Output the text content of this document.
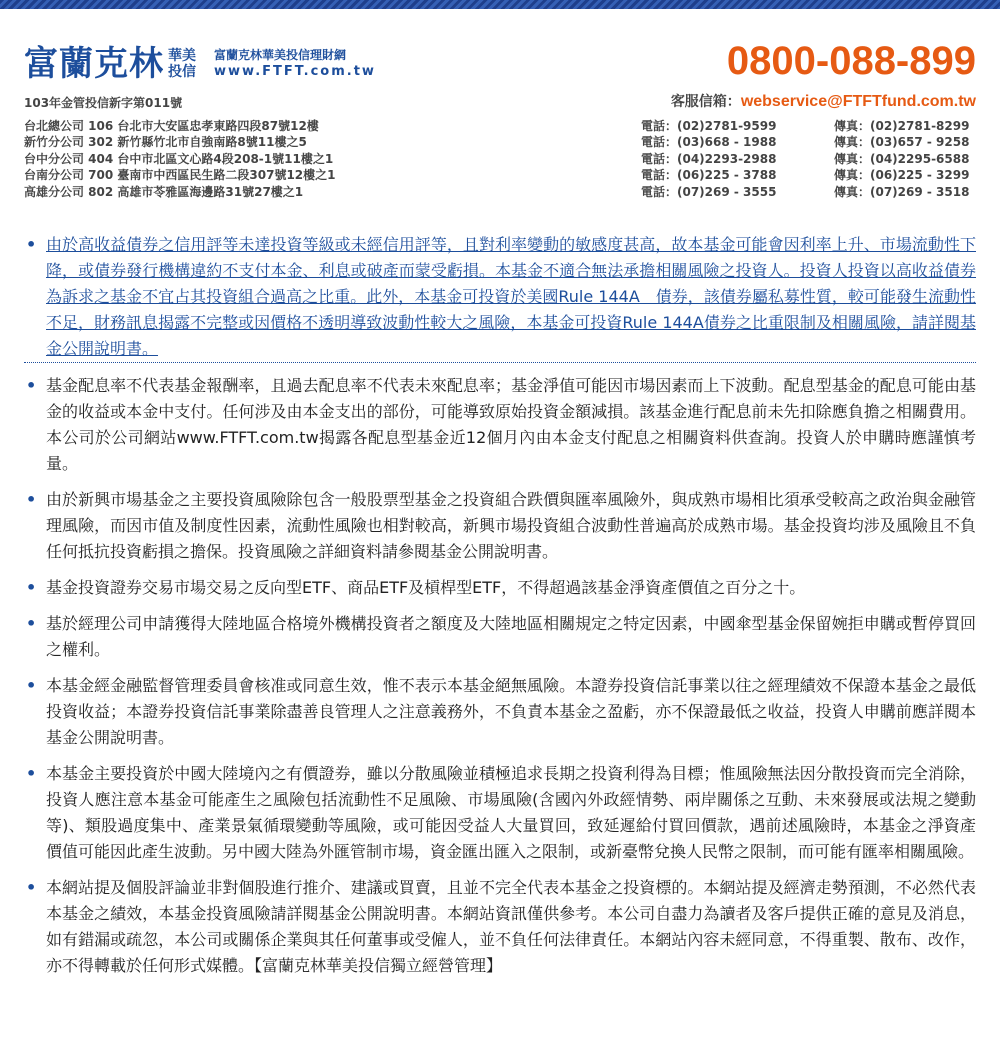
富蘭克林 華美
投信
富蘭克林華美投信理財網
www.FTFT.com.tw	0800-088-899
103年金管投信新字第011號	客服信箱：webservice@FTFTfund.com.tw
台北總公司 106 台北市大安區忠孝東路四段87號12樓
新竹分公司 302 新竹縣竹北市自強南路8號11樓之5
台中分公司 404 台中市北區文心路4段208-1號11樓之1
台南分公司 700 臺南市中西區民生路二段307號12樓之1
高雄分公司 802 高雄市苓雅區海邊路31號27樓之1
電話：(02)2781-9599
電話：(03)668 - 1988
電話：(04)2293-2988
電話：(06)225 - 3788
電話：(07)269 - 3555
傳真：(02)2781-8299
傳真：(03)657 - 9258
傳真：(04)2295-6588
傳真：(06)225 - 3299
傳真：(07)269 - 3518
• 由於高收益債券之信用評等未達投資等級或未經信用評等，且對利率變動的敏感度甚高，故本基金可能會因利率上升、市場流動性下降，或債券發行機構違約不支付本金、利息或破產而蒙受虧損。本基金不適合無法承擔相關風險之投資人。投資人投資以高收益債券為訴求之基金不宜占其投資組合過高之比重。此外，本基金可投資於美國Rule 144A　債券，該債券屬私募性質，較可能發生流動性不足，財務訊息揭露不完整或因價格不透明導致波動性較大之風險，本基金可投資Rule 144A債券之比重限制及相關風險，請詳閱基金公開說明書。
• 基金配息率不代表基金報酬率，且過去配息率不代表未來配息率；基金淨值可能因市場因素而上下波動。配息型基金的配息可能由基金的收益或本金中支付。任何涉及由本金支出的部份，可能導致原始投資金額減損。該基金進行配息前未先扣除應負擔之相關費用。本公司於公司網站www.FTFT.com.tw揭露各配息型基金近12個月內由本金支付配息之相關資料供查詢。投資人於申購時應謹慎考量。
• 由於新興市場基金之主要投資風險除包含一般股票型基金之投資組合跌價與匯率風險外，與成熟市場相比須承受較高之政治與金融管理風險，而因市值及制度性因素，流動性風險也相對較高，新興市場投資組合波動性普遍高於成熟市場。基金投資均涉及風險且不負任何抵抗投資虧損之擔保。投資風險之詳細資料請參閱基金公開說明書。
• 基金投資證券交易市場交易之反向型ETF、商品ETF及槓桿型ETF，不得超過該基金淨資產價值之百分之十。
• 基於經理公司申請獲得大陸地區合格境外機構投資者之額度及大陸地區相關規定之特定因素，中國傘型基金保留婉拒申購或暫停買回之權利。
• 本基金經金融監督管理委員會核准或同意生效，惟不表示本基金絕無風險。本證券投資信託事業以往之經理績效不保證本基金之最低投資收益；本證券投資信託事業除盡善良管理人之注意義務外，不負責本基金之盈虧，亦不保證最低之收益，投資人申購前應詳閱本基金公開說明書。
• 本基金主要投資於中國大陸境內之有價證券，雖以分散風險並積極追求長期之投資利得為目標；惟風險無法因分散投資而完全消除，投資人應注意本基金可能產生之風險包括流動性不足風險、市場風險(含國內外政經情勢、兩岸關係之互動、未來發展或法規之變動等)、類股過度集中、產業景氣循環變動等風險，或可能因受益人大量買回，致延遲給付買回價款，遇前述風險時，本基金之淨資產價值可能因此產生波動。另中國大陸為外匯管制市場，資金匯出匯入之限制，或新臺幣兌換人民幣之限制，而可能有匯率相關風險。
• 本網站提及個股評論並非對個股進行推介、建議或買賣，且並不完全代表本基金之投資標的。本網站提及經濟走勢預測，不必然代表本基金之績效，本基金投資風險請詳閱基金公開說明書。本網站資訊僅供參考。本公司自盡力為讀者及客戶提供正確的意見及消息，如有錯漏或疏忽，本公司或關係企業與其任何董事或受僱人，並不負任何法律責任。本網站內容未經同意，不得重製、散布、改作，亦不得轉載於任何形式媒體。【富蘭克林華美投信獨立經營管理】
